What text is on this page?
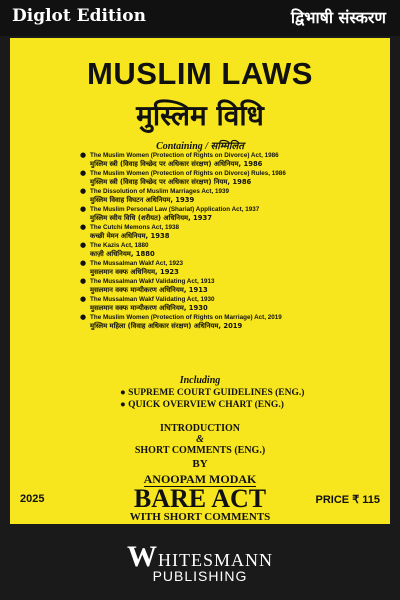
Diglot Edition	द्विभाषी संस्करण
MUSLIM LAWS
मुस्लिम विधि
Containing / सम्मिलित
● The Muslim Women (Protection of Rights on Divorce) Act, 1986
मुस्लिम स्त्री (विवाह विच्छेद पर अधिकार संरक्षण) अधिनियम, 1986
● The Muslim Women (Protection of Rights on Divorce) Rules, 1986
मुस्लिम स्त्री (विवाह विच्छेद पर अधिकार संरक्षण) नियम, 1986
● The Dissolution of Muslim Marriages Act, 1939
मुस्लिम विवाह विघटन अधिनियम, 1939
● The Muslim Personal Law (Shariat) Application Act, 1937
मुस्लिम स्वीय विधि (शरीयत) अधिनियम, 1937
● The Cutchi Memons Act, 1938
कच्छी मेमन अधिनियम, 1938
● The Kazis Act, 1880
काज़ी अधिनियम, 1880
● The Mussalman Wakf Act, 1923
मुसलमान वक्फ अधिनियम, 1923
● The Mussalman Wakf Validating Act, 1913
मुसलमान वक्फ मान्यीकरण अधिनियम, 1913
● The Mussalman Wakf Validating Act, 1930
मुसलमान वक्फ मान्यीकरण अधिनियम, 1930
● The Muslim Women (Protection of Rights on Marriage) Act, 2019
मुस्लिम महिला (विवाह अधिकार संरक्षण) अधिनियम, 2019
Including
● SUPREME COURT GUIDELINES (ENG.)
● QUICK OVERVIEW CHART (ENG.)
INTRODUCTION
&
SHORT COMMENTS (ENG.)
BY
ANOOPAM MODAK
BARE ACT
2025	PRICE ₹ 115
WITH SHORT COMMENTS
WHITESMANN
PUBLISHING
